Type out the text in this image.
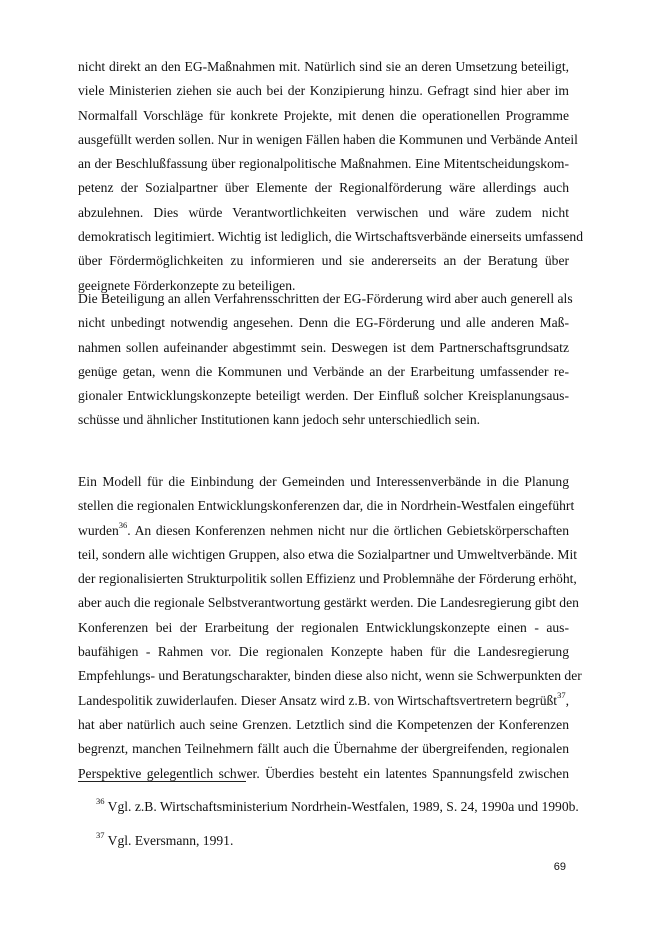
nicht direkt an den EG-Maßnahmen mit. Natürlich sind sie an deren Umsetzung beteiligt,
viele Ministerien ziehen sie auch bei der Konzipierung hinzu. Gefragt sind hier aber im
Normalfall Vorschläge für konkrete Projekte, mit denen die operationellen Programme
ausgefüllt werden sollen. Nur in wenigen Fällen haben die Kommunen und Verbände Anteil
an der Beschlußfassung über regionalpolitische Maßnahmen. Eine Mitentscheidungskom-
petenz der Sozialpartner über Elemente der Regionalförderung wäre allerdings auch
abzulehnen. Dies würde Verantwortlichkeiten verwischen und wäre zudem nicht
demokratisch legitimiert. Wichtig ist lediglich, die Wirtschaftsverbände einerseits umfassend
über Fördermöglichkeiten zu informieren und sie andererseits an der Beratung über
geeignete Förderkonzepte zu beteiligen.

Die Beteiligung an allen Verfahrensschritten der EG-Förderung wird aber auch generell als
nicht unbedingt notwendig angesehen. Denn die EG-Förderung und alle anderen Maß-
nahmen sollen aufeinander abgestimmt sein. Deswegen ist dem Partnerschaftsgrundsatz
genüge getan, wenn die Kommunen und Verbände an der Erarbeitung umfassender re-
gionaler Entwicklungskonzepte beteiligt werden. Der Einfluß solcher Kreisplanungsaus-
schüsse und ähnlicher Institutionen kann jedoch sehr unterschiedlich sein.

Ein Modell für die Einbindung der Gemeinden und Interessenverbände in die Planung
stellen die regionalen Entwicklungskonferenzen dar, die in Nordrhein-Westfalen eingeführt
wurden$^{36}$. An diesen Konferenzen nehmen nicht nur die örtlichen Gebietskörperschaften
teil, sondern alle wichtigen Gruppen, also etwa die Sozialpartner und Umweltverbände. Mit
der regionalisierten Strukturpolitik sollen Effizienz und Problemnähe der Förderung erhöht,
aber auch die regionale Selbstverantwortung gestärkt werden. Die Landesregierung gibt den
Konferenzen bei der Erarbeitung der regionalen Entwicklungskonzepte einen - aus-
baufähigen - Rahmen vor. Die regionalen Konzepte haben für die Landesregierung
Empfehlungs- und Beratungscharakter, binden diese also nicht, wenn sie Schwerpunkten der
Landespolitik zuwiderlaufen. Dieser Ansatz wird z.B. von Wirtschaftsvertretern begrüßt$^{37}$,
hat aber natürlich auch seine Grenzen. Letztlich sind die Kompetenzen der Konferenzen
begrenzt, manchen Teilnehmern fällt auch die Übernahme der übergreifenden, regionalen
Perspektive gelegentlich schwer. Überdies besteht ein latentes Spannungsfeld zwischen

$^{36}$ Vgl. z.B. Wirtschaftsministerium Nordrhein-Westfalen, 1989, S. 24, 1990a und 1990b.
$^{37}$ Vgl. Eversmann, 1991.
69
